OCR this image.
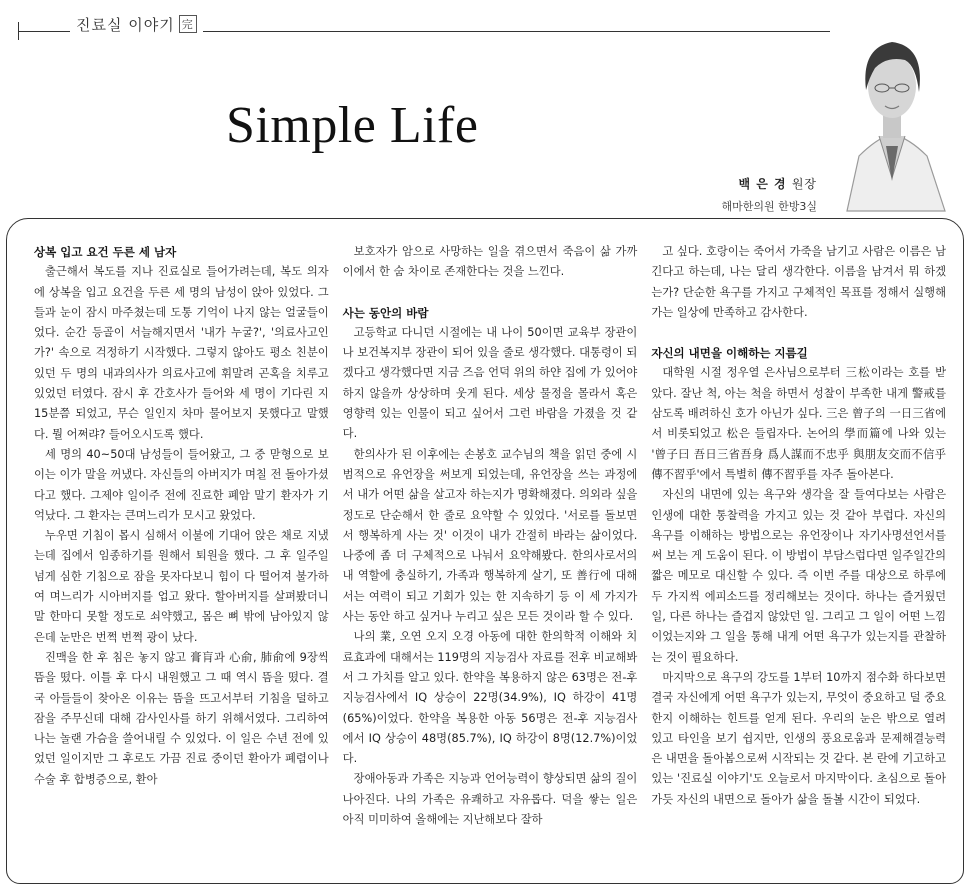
진료실 이야기 完
Simple Life
백 은 경 원장
해마한의원 한방3실
상복 입고 요건 두른 세 남자

출근해서 복도를 지나 진료실로 들어가려는데, 복도 의자에 상복을 입고 요건을 두른 세 명의 남성이 앉아 있었다. 그들과 눈이 잠시 마주쳤는데 도통 기억이 나지 않는 얼굴들이었다. 순간 등골이 서늘해지면서 '내가 누굴?', '의료사고인가?' 속으로 걱정하기 시작했다. 그렇지 않아도 평소 친분이 있던 두 명의 내과의사가 의료사고에 휘말려 곤혹을 치루고 있었던 터였다. 잠시 후 간호사가 들어와 세 명이 기다린 지 15분쯤 되었고, 무슨 일인지 차마 물어보지 못했다고 말했다. 뭘 어쩌랴? 들어오시도록 했다.

세 명의 40~50대 남성들이 들어왔고, 그 중 맏형으로 보이는 이가 말을 꺼냈다. 자신들의 아버지가 며칠 전 돌아가셨다고 했다. 그제야 일이주 전에 진료한 폐암 말기 환자가 기억났다. 그 환자는 큰며느리가 모시고 왔었다.

누우면 기침이 몹시 심해서 이불에 기대어 앉은 채로 지냈는데 집에서 임종하기를 원해서 퇴원을 했다. 그 후 일주일 넘게 심한 기침으로 잠을 못자다보니 힘이 다 떨어져 불가하여 며느리가 시아버지를 업고 왔다. 할아버지를 살펴봤더니 말 한마디 못할 정도로 쇠약했고, 몸은 뼈 밖에 남아있지 않은데 눈만은 번쩍 번쩍 광이 났다.

진맥을 한 후 침은 놓지 않고 膏肓과 心俞, 肺俞에 9장씩 뜸을 떴다. 이틀 후 다시 내원했고 그 때 역시 뜸을 떴다. 결국 아들들이 찾아온 이유는 뜸을 뜨고서부터 기침을 덜하고 잠을 주무신데 대해 감사인사를 하기 위해서였다. 그리하여 나는 놀랜 가슴을 쓸어내릴 수 있었다. 이 일은 수년 전에 있었던 일이지만 그 후로도 가끔 진료 중이던 환아가 폐렴이나 수술 후 합병증으로, 환아

보호자가 암으로 사망하는 일을 겪으면서 죽음이 삶 가까이에서 한 숨 차이로 존재한다는 것을 느낀다.

사는 동안의 바람

고등학교 다니던 시절에는 내 나이 50이면 교육부 장관이나 보건복지부 장관이 되어 있을 줄로 생각했다. 대통령이 되겠다고 생각했다면 지금 즈음 언덕 위의 하얀 집에 가 있어야하지 않을까 상상하며 웃게 된다. 세상 물정을 몰라서 혹은 영향력 있는 인물이 되고 싶어서 그런 바람을 가졌을 것 같다.

한의사가 된 이후에는 손봉호 교수님의 책을 읽던 중에 시범적으로 유언장을 써보게 되었는데, 유언장을 쓰는 과정에서 내가 어떤 삶을 살고자 하는지가 명확해졌다. 의외라 싶을 정도로 단순해서 한 줄로 요약할 수 있었다. '서로를 돌보면서 행복하게 사는 것' 이것이 내가 간절히 바라는 삶이었다. 나중에 좀 더 구체적으로 나눠서 요약해봤다. 한의사로서의 내 역할에 충실하기, 가족과 행복하게 살기, 또 善行에 대해서는 여력이 되고 기회가 있는 한 지속하기 등 이 세 가지가 사는 동안 하고 싶거나 누리고 싶은 모든 것이라 할 수 있다.

나의 業, 오연 오지 오경 아동에 대한 한의학적 이해와 치료효과에 대해서는 119명의 지능검사 자료를 전후 비교해봐서 그 가치를 알고 있다. 한약을 복용하지 않은 63명은 전-후 지능검사에서 IQ 상승이 22명(34.9%), IQ 하강이 41명(65%)이었다. 한약을 복용한 아동 56명은 전-후 지능검사에서 IQ 상승이 48명(85.7%), IQ 하강이 8명(12.7%)이었다.

장애아동과 가족은 지능과 언어능력이 향상되면 삶의 질이 나아진다. 나의 가족은 유쾌하고 자유롭다. 덕을 쌓는 일은 아직 미미하여 올해에는 지난해보다 잘하

고 싶다. 호랑이는 죽어서 가죽을 남기고 사람은 이름은 남긴다고 하는데, 나는 달리 생각한다. 이름을 남겨서 뭐 하겠는가? 단순한 욕구를 가지고 구체적인 목표를 정해서 실행해가는 일상에 만족하고 감사한다.

자신의 내면을 이해하는 지름길

대학원 시절 정우열 은사님으로부터 三松이라는 호를 받았다. 잘난 척, 아는 척을 하면서 성찰이 부족한 내게 警戒를 삼도록 배려하신 호가 아닌가 싶다. 三은 曾子의 一日三省에서 비롯되었고 松은 들립자다. 논어의 學而篇에 나와 있는 '曾子曰 吾日三省吾身 爲人謀而不忠乎 與朋友交而不信乎 傳不習乎'에서 특별히 傳不習乎를 자주 돌아본다.

자신의 내면에 있는 욕구와 생각을 잘 들여다보는 사람은 인생에 대한 통찰력을 가지고 있는 것 같아 부럽다. 자신의 욕구를 이해하는 방법으로는 유언장이나 자기사명선언서를 써 보는 게 도움이 된다. 이 방법이 부담스럽다면 일주일간의 짧은 메모로 대신할 수 있다. 즉 이번 주를 대상으로 하루에 두 가지씩 에피소드를 정리해보는 것이다. 하나는 즐거웠던 일, 다른 하나는 즐겁지 않았던 일. 그리고 그 일이 어떤 느낌이었는지와 그 일을 통해 내게 어떤 욕구가 있는지를 관찰하는 것이 필요하다.

마지막으로 욕구의 강도를 1부터 10까지 점수화 하다보면 결국 자신에게 어떤 욕구가 있는지, 무엇이 중요하고 덜 중요한지 이해하는 힌트를 얻게 된다. 우리의 눈은 밖으로 열려 있고 타인을 보기 쉽지만, 인생의 풍요로움과 문제해결능력은 내면을 돌아봄으로써 시작되는 것 같다. 본 란에 기고하고 있는 '진료실 이야기'도 오늘로서 마지막이다. 초심으로 돌아가듯 자신의 내면으로 돌아가 삶을 돌볼 시간이 되었다.
